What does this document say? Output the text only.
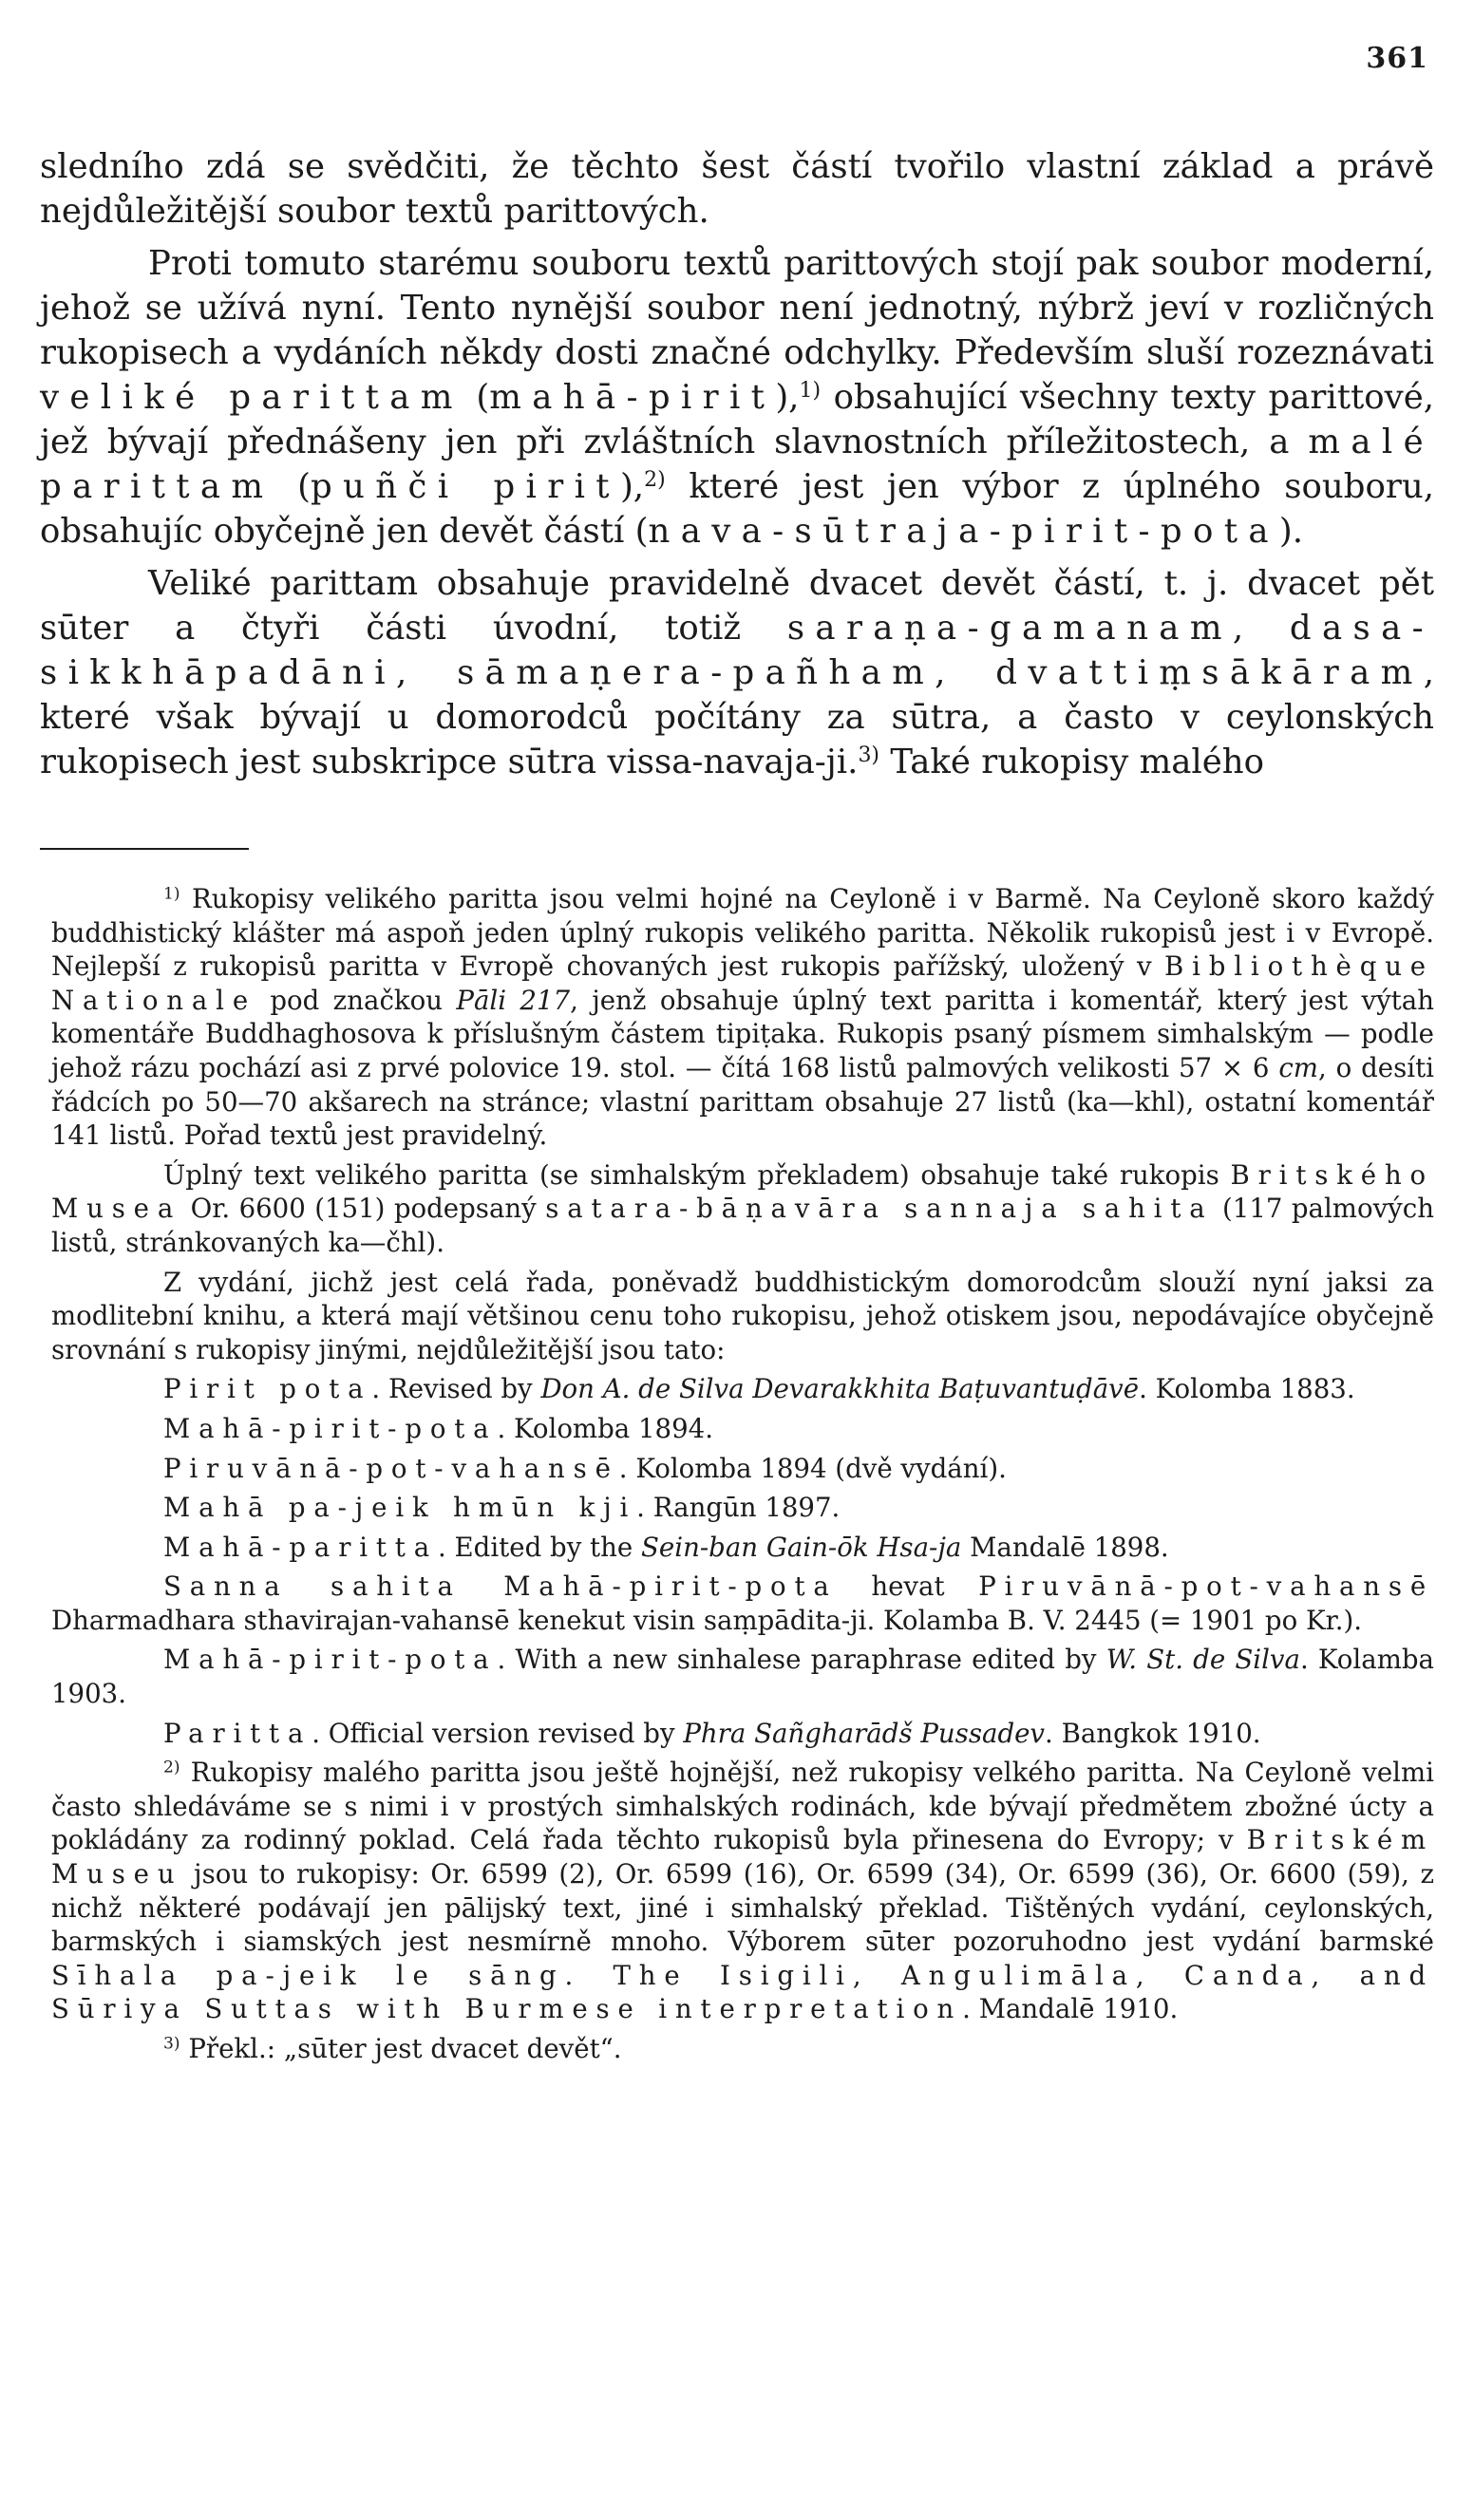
361

sledního zdá se svědčiti, že těchto šest částí tvořilo vlastní základ a právě nejdůležitější soubor textů parittových.

Proti tomuto starému souboru textů parittových stojí pak soubor moderní, jehož se užívá nyní. Tento nynější soubor není jednotný, nýbrž jeví v rozličných rukopisech a vydáních někdy dosti značné odchylky. Především sluší rozeznávati veliké parittam (mahā-pirit),$^{1)}$ obsahující všechny texty parittové, jež bývají přednášeny jen při zvláštních slavnostních příležitostech, a malé parittam (puñči pirit),$^{2)}$ které jest jen výbor z úplného souboru, obsahujíc obyčejně jen devět částí (nava-sūtraja-pirit-pota).

Veliké parittam obsahuje pravidelně dvacet devět částí, t. j. dvacet pět sūter a čtyři části úvodní, totiž saraṇa-gamanam, dasa-sikkhāpadāni, sāmaṇera-pañham, dvattiṃsākāram, které však bývají u domorodců počítány za sūtra, a často v ceylonských rukopisech jest subskripce sūtra vissa-navaja-ji.$^{3)}$ Také rukopisy malého

$^{1)}$ Rukopisy velikého paritta jsou velmi hojné na Ceyloně i v Barmě. Na Ceyloně skoro každý buddhistický klášter má aspoň jeden úplný rukopis velikého paritta. Několik rukopisů jest i v Evropě. Nejlepší z rukopisů paritta v Evropě chovaných jest rukopis pařížský, uložený v Bibliothèque Nationale pod značkou Pāli 217, jenž obsahuje úplný text paritta i komentář, který jest výtah komentáře Buddhaghosova k příslušným částem tipiṭaka. Rukopis psaný písmem simhalským — podle jehož rázu pochází asi z prvé polovice 19. stol. — čítá 168 listů palmových velikosti 57 × 6 cm, o desíti řádcích po 50—70 akšarech na stránce; vlastní parittam obsahuje 27 listů (ka—khl), ostatní komentář 141 listů. Pořad textů jest pravidelný.

Úplný text velikého paritta (se simhalským překladem) obsahuje také rukopis Britského Musea Or. 6600 (151) podepsaný satara-bāṇavāra sannaja sahita (117 palmových listů, stránkovaných ka—čhl).

Z vydání, jichž jest celá řada, poněvadž buddhistickým domorodcům slouží nyní jaksi za modlitební knihu, a která mají většinou cenu toho rukopisu, jehož otiskem jsou, nepodávajíce obyčejně srovnání s rukopisy jinými, nejdůležitější jsou tato:

Pirit pota. Revised by Don A. de Silva Devarakkhita Baṭuvantuḍāvē. Kolomba 1883.

Mahā-pirit-pota. Kolomba 1894.

Piruvānā-pot-vahansē. Kolomba 1894 (dvě vydání).

Mahā pa-jeik hmūn kji. Rangūn 1897.

Mahā-paritta. Edited by the Sein-ban Gain-ōk Hsa-ja Mandalē 1898.

Sanna sahita Mahā-pirit-pota hevat Piruvānā-pot-vahansē Dharmadhara sthavirajan-vahansē kenekut visin saṃpādita-ji. Kolamba B. V. 2445 (= 1901 po Kr.).

Mahā-pirit-pota. With a new sinhalese paraphrase edited by W. St. de Silva. Kolamba 1903.

Paritta. Official version revised by Phra Sañgharādš Pussadev. Bangkok 1910.

$^{2)}$ Rukopisy malého paritta jsou ještě hojnější, než rukopisy velkého paritta. Na Ceyloně velmi často shledáváme se s nimi i v prostých simhalských rodinách, kde bývají předmětem zbožné úcty a pokládány za rodinný poklad. Celá řada těchto rukopisů byla přinesena do Evropy; v Britském Museu jsou to rukopisy: Or. 6599 (2), Or. 6599 (16), Or. 6599 (34), Or. 6599 (36), Or. 6600 (59), z nichž některé podávají jen pālijský text, jiné i simhalský překlad. Tištěných vydání, ceylonských, barmských i siamských jest nesmírně mnoho. Výborem sūter pozoruhodno jest vydání barmské Sīhala pa-jeik le sāng. The Isigili, Angulimāla, Canda, and Sūriya Suttas with Burmese interpretation. Mandalē 1910.

$^{3)}$ Překl.: „sūter jest dvacet devět“.
